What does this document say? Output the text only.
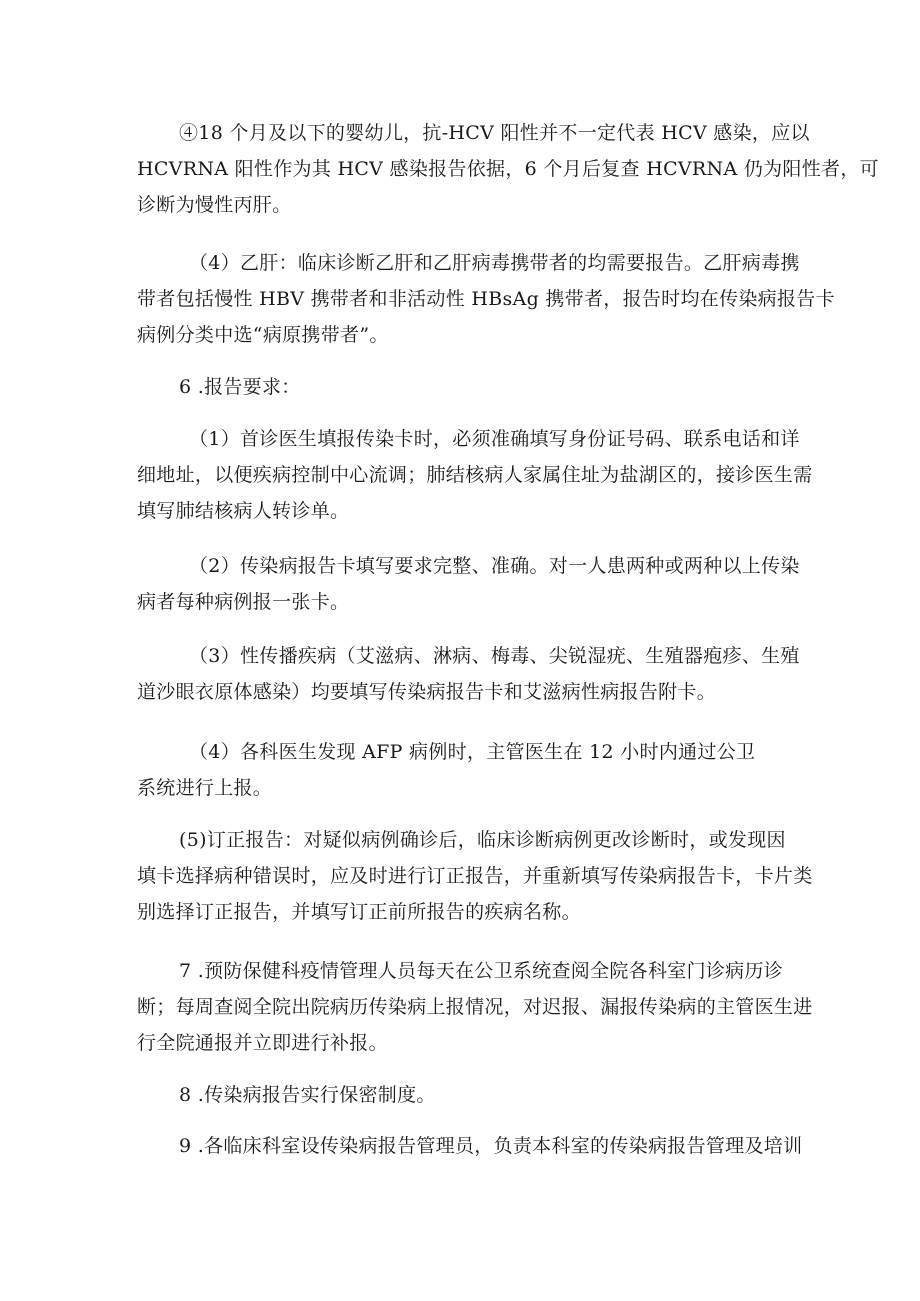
④18 个月及以下的婴幼儿，抗-HCV 阳性并不一定代表 HCV 感染，应以
HCVRNA 阳性作为其 HCV 感染报告依据，6 个月后复查 HCVRNA 仍为阳性者，可
诊断为慢性丙肝。

（4）乙肝：临床诊断乙肝和乙肝病毒携带者的均需要报告。乙肝病毒携
带者包括慢性 HBV 携带者和非活动性 HBsAg 携带者，报告时均在传染病报告卡
病例分类中选“病原携带者”。

6 .报告要求：

（1）首诊医生填报传染卡时，必须准确填写身份证号码、联系电话和详
细地址，以便疾病控制中心流调；肺结核病人家属住址为盐湖区的，接诊医生需
填写肺结核病人转诊单。

（2）传染病报告卡填写要求完整、准确。对一人患两种或两种以上传染
病者每种病例报一张卡。

（3）性传播疾病（艾滋病、淋病、梅毒、尖锐湿疣、生殖器疱疹、生殖
道沙眼衣原体感染）均要填写传染病报告卡和艾滋病性病报告附卡。

（4）各科医生发现 AFP 病例时，主管医生在 12 小时内通过公卫
系统进行上报。

(5)订正报告：对疑似病例确诊后，临床诊断病例更改诊断时，或发现因
填卡选择病种错误时，应及时进行订正报告，并重新填写传染病报告卡，卡片类
别选择订正报告，并填写订正前所报告的疾病名称。

7 .预防保健科疫情管理人员每天在公卫系统查阅全院各科室门诊病历诊
断；每周查阅全院出院病历传染病上报情况，对迟报、漏报传染病的主管医生进
行全院通报并立即进行补报。

8 .传染病报告实行保密制度。

9 .各临床科室设传染病报告管理员，负责本科室的传染病报告管理及培训
